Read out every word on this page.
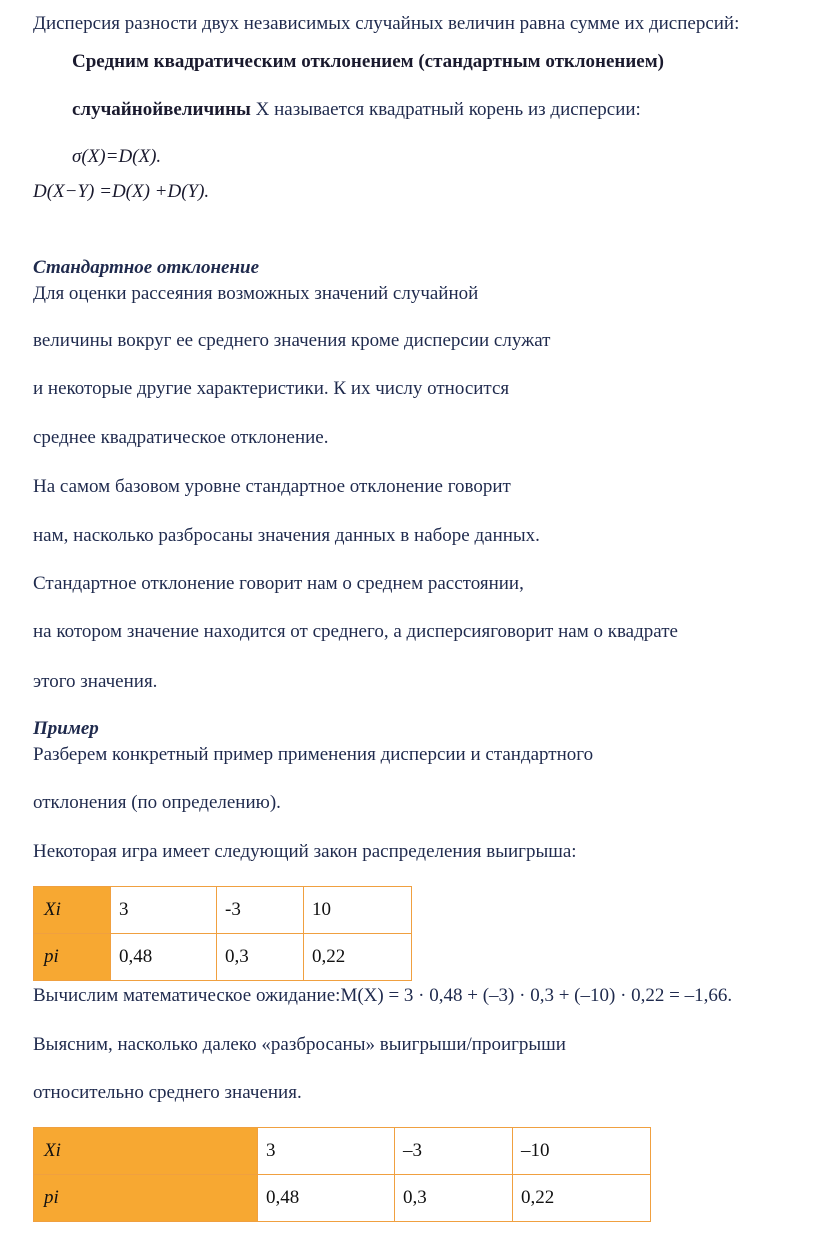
Дисперсия разности двух независимых случайных величин равна сумме их дисперсий:
Средним квадратическим отклонением (стандартным отклонением)
случайнойвеличины X называется квадратный корень из дисперсии:
σ(X)=D(X).
D(X−Y) =D(X) +D(Y).
Стандартное отклонение
Для оценки рассеяния возможных значений случайной
величины вокруг ее среднего значения кроме дисперсии служат
и некоторые другие характеристики. К их числу относится
среднее квадратическое отклонение.
На самом базовом уровне стандартное отклонение говорит
нам, насколько разбросаны значения данных в наборе данных.
Стандартное отклонение говорит нам о среднем расстоянии,
на котором значение находится от среднего, а дисперсияговорит нам о квадрате
этого значения.
Пример
Разберем конкретный пример применения дисперсии и стандартного
отклонения (по определению).
Некоторая игра имеет следующий закон распределения выигрыша:
Xi	3	-3	10
pi	0,48	0,3	0,22
Вычислим математическое ожидание:M(X) = 3 · 0,48 + (–3) · 0,3 + (–10) · 0,22 = –1,66.
Выясним, насколько далеко «разбросаны» выигрыши/проигрыши
относительно среднего значения.
Xi	3	–3	–10
pi	0,48	0,3	0,22
